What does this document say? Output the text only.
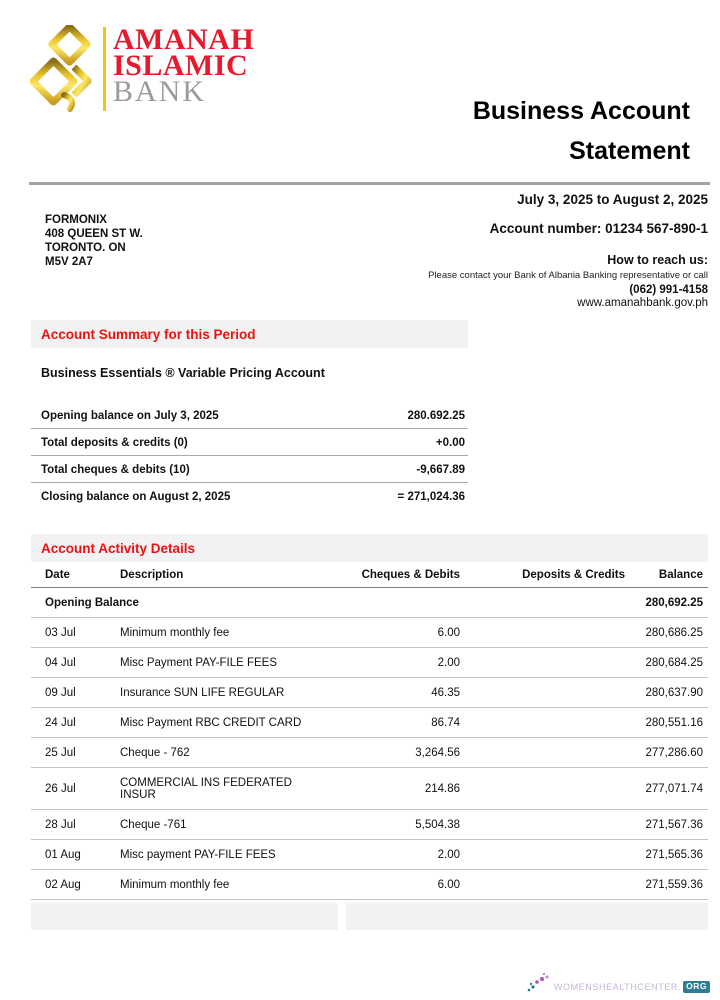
AMANAH
ISLAMIC
BANK
Business Account
Statement
FORMONIX
408 QUEEN ST W.
TORONTO. ON
M5V 2A7
July 3, 2025 to August 2, 2025
Account number: 01234 567-890-1
How to reach us:
Please contact your Bank of Albania Banking representative or call
(062) 991-4158
www.amanahbank.gov.ph
Account Summary for this Period
Business Essentials ® Variable Pricing Account
Opening balance on July 3, 2025	280.692.25
Total deposits & credits (0)	+0.00
Total cheques & debits (10)	-9,667.89
Closing balance on August 2, 2025	= 271,024.36
Account Activity Details
Date	Description	Cheques & Debits	Deposits & Credits	Balance
Opening Balance				280,692.25
03 Jul	Minimum monthly fee	6.00		280,686.25
04 Jul	Misc Payment PAY-FILE FEES	2.00		280,684.25
09 Jul	Insurance SUN LIFE REGULAR	46.35		280,637.90
24 Jul	Misc Payment RBC CREDIT CARD	86.74		280,551.16
25 Jul	Cheque - 762	3,264.56		277,286.60
26 Jul	COMMERCIAL INS FEDERATED INSUR	214.86		277,071.74
28 Jul	Cheque -761	5,504.38		271,567.36
01 Aug	Misc payment PAY-FILE FEES	2.00		271,565.36
02 Aug	Minimum monthly fee	6.00		271,559.36
WOMENSHEALTHCENTER. ORG
